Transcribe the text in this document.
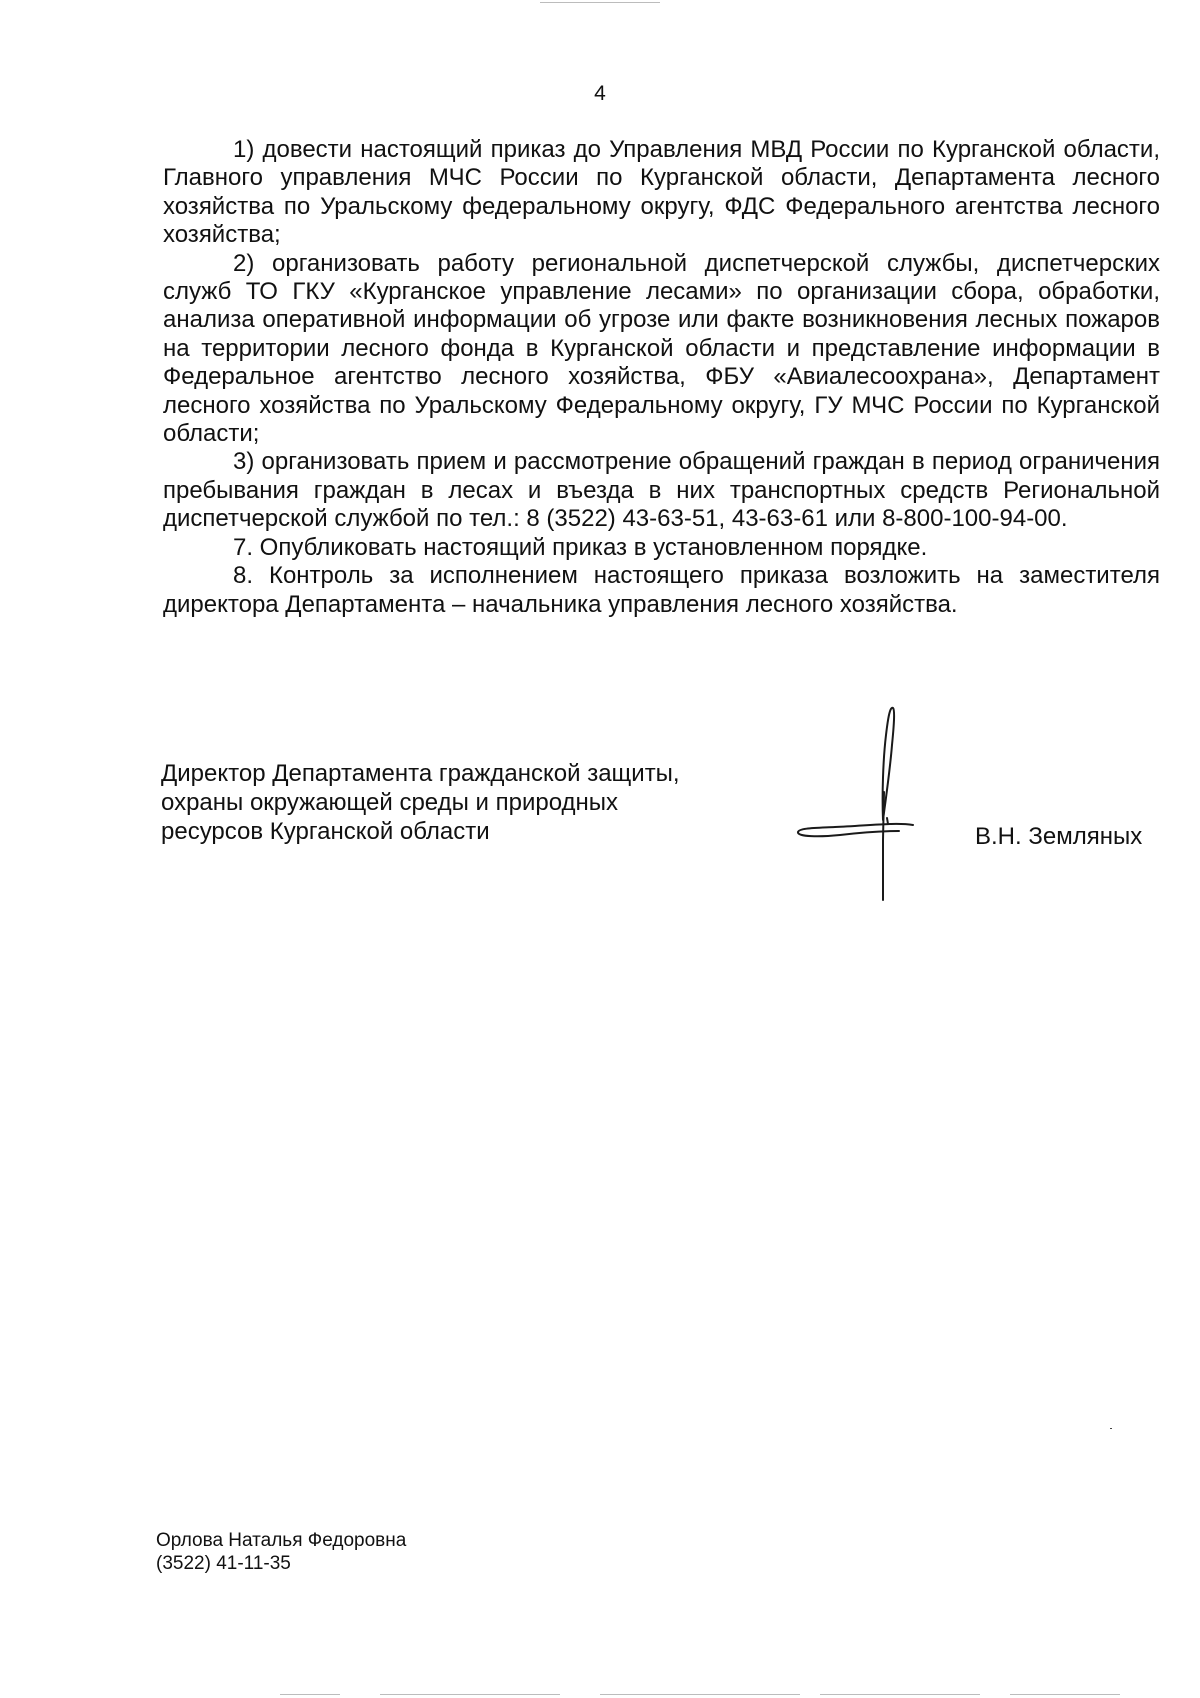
4

1) довести настоящий приказ до Управления МВД России по Курганской области, Главного управления МЧС России по Курганской области, Департамента лесного хозяйства по Уральскому федеральному округу, ФДС Федерального агентства лесного хозяйства;

2) организовать работу региональной диспетчерской службы, диспетчерских служб ТО ГКУ «Курганское управление лесами» по организации сбора, обработки, анализа оперативной информации об угрозе или факте возникновения лесных пожаров на территории лесного фонда в Курганской области и представление информации в Федеральное агентство лесного хозяйства, ФБУ «Авиалесоохрана», Департамент лесного хозяйства по Уральскому Федеральному округу, ГУ МЧС России по Курганской области;

3) организовать прием и рассмотрение обращений граждан в период ограничения пребывания граждан в лесах и въезда в них транспортных средств Региональной диспетчерской службой по тел.: 8 (3522) 43-63-51, 43-63-61 или 8-800-100-94-00.

7. Опубликовать настоящий приказ в установленном порядке.

8. Контроль за исполнением настоящего приказа возложить на заместителя директора Департамента – начальника управления лесного хозяйства.

Директор Департамента гражданской защиты,
охраны окружающей среды и природных
ресурсов Курганской области	В.Н. Земляных
Орлова Наталья Федоровна
(3522) 41-11-35
